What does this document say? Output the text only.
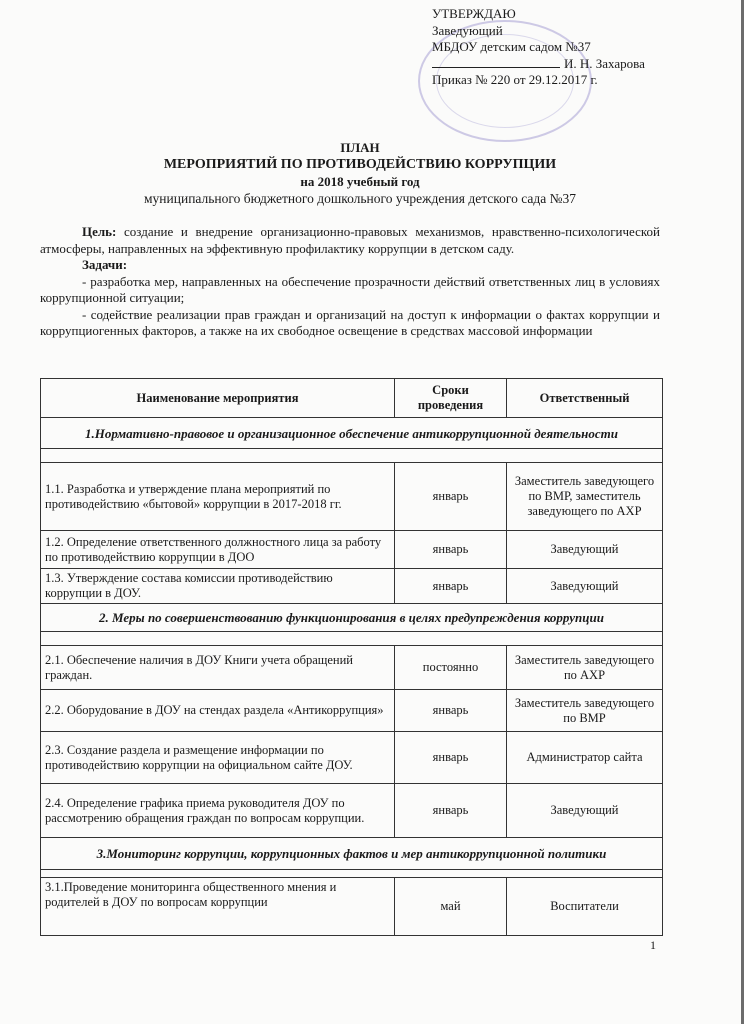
УТВЕРЖДАЮ
Заведующий
МБДОУ детским садом №37
И. Н. Захарова
Приказ № 220 от 29.12.2017 г.
ПЛАН
МЕРОПРИЯТИЙ ПО ПРОТИВОДЕЙСТВИЮ КОРРУПЦИИ
на 2018 учебный год
муниципального бюджетного дошкольного учреждения детского сада №37

Цель: создание и внедрение организационно-правовых механизмов, нравственно-психологической атмосферы, направленных на эффективную профилактику коррупции в детском саду.

Задачи:

- разработка мер, направленных на обеспечение прозрачности действий ответственных лиц в условиях коррупционной ситуации;

- содействие реализации прав граждан и организаций на доступ к информации о фактах коррупции и коррупциогенных факторов, а также на их свободное освещение в средствах массовой информации

Наименование мероприятия	Сроки проведения	Ответственный
1.Нормативно-правовое и организационное обеспечение антикоррупционной деятельности		

1.1. Разработка и утверждение плана мероприятий по противодействию «бытовой» коррупции в 2017-2018 гг.	январь	Заместитель заведующего по ВМР, заместитель заведующего по АХР
1.2. Определение ответственного должностного лица за работу по противодействию коррупции в ДОО	январь	Заведующий
1.3. Утверждение состава комиссии противодействию коррупции в ДОУ.	январь	Заведующий
2. Меры по совершенствованию функционирования в целях предупреждения коррупции		

2.1. Обеспечение наличия в ДОУ Книги учета обращений граждан.	постоянно	Заместитель заведующего по АХР
2.2. Оборудование в ДОУ на стендах раздела «Антикоррупция»	январь	Заместитель заведующего по ВМР
2.3. Создание раздела и размещение информации по противодействию коррупции на официальном сайте ДОУ.	январь	Администратор сайта
2.4. Определение графика приема руководителя ДОУ по рассмотрению обращения граждан по вопросам коррупции.	январь	Заведующий
3.Мониторинг коррупции, коррупционных фактов и мер антикоррупционной политики		

3.1.Проведение мониторинга общественного мнения и родителей в ДОУ по вопросам коррупции	май	Воспитатели
1
